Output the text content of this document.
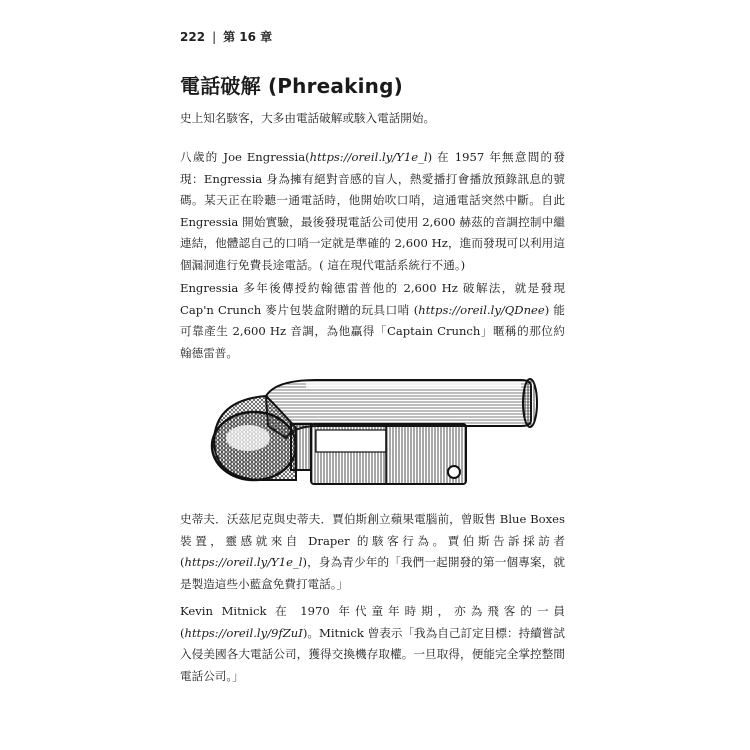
222 | 第 16 章
電話破解 (Phreaking)

史上知名駭客，大多由電話破解或駭入電話開始。

八歲的 Joe Engressia(https://oreil.ly/Y1e_l) 在 1957 年無意間的發現：Engressia 身為擁有絕對音感的盲人，熱愛播打會播放預錄訊息的號碼。某天正在聆聽一通電話時，他開始吹口哨，這通電話突然中斷。自此 Engressia 開始實驗，最後發現電話公司使用 2,600 赫茲的音調控制中繼連結，他體認自己的口哨一定就是準確的 2,600 Hz，進而發現可以利用這個漏洞進行免費長途電話。( 這在現代電話系統行不通。)

Engressia 多年後傳授約翰德雷普他的 2,600 Hz 破解法，就是發現 Cap'n Crunch 麥片包裝盒附贈的玩具口哨 (https://oreil.ly/QDnee) 能可靠產生 2,600 Hz 音調，為他贏得「Captain Crunch」暱稱的那位約翰德雷普。

史蒂夫．沃茲尼克與史蒂夫．賈伯斯創立蘋果電腦前，曾販售 Blue Boxes 裝置，靈感就來自 Draper 的駭客行為。賈伯斯告訴採訪者 (https://oreil.ly/Y1e_l)，身為青少年的「我們一起開發的第一個專案，就是製造這些小藍盒免費打電話。」

Kevin Mitnick 在 1970 年代童年時期，亦為飛客的一員 (https://oreil.ly/9fZuI)。Mitnick 曾表示「我為自己訂定目標：持續嘗試入侵美國各大電話公司，獲得交換機存取權。一旦取得，便能完全掌控整間電話公司。」
